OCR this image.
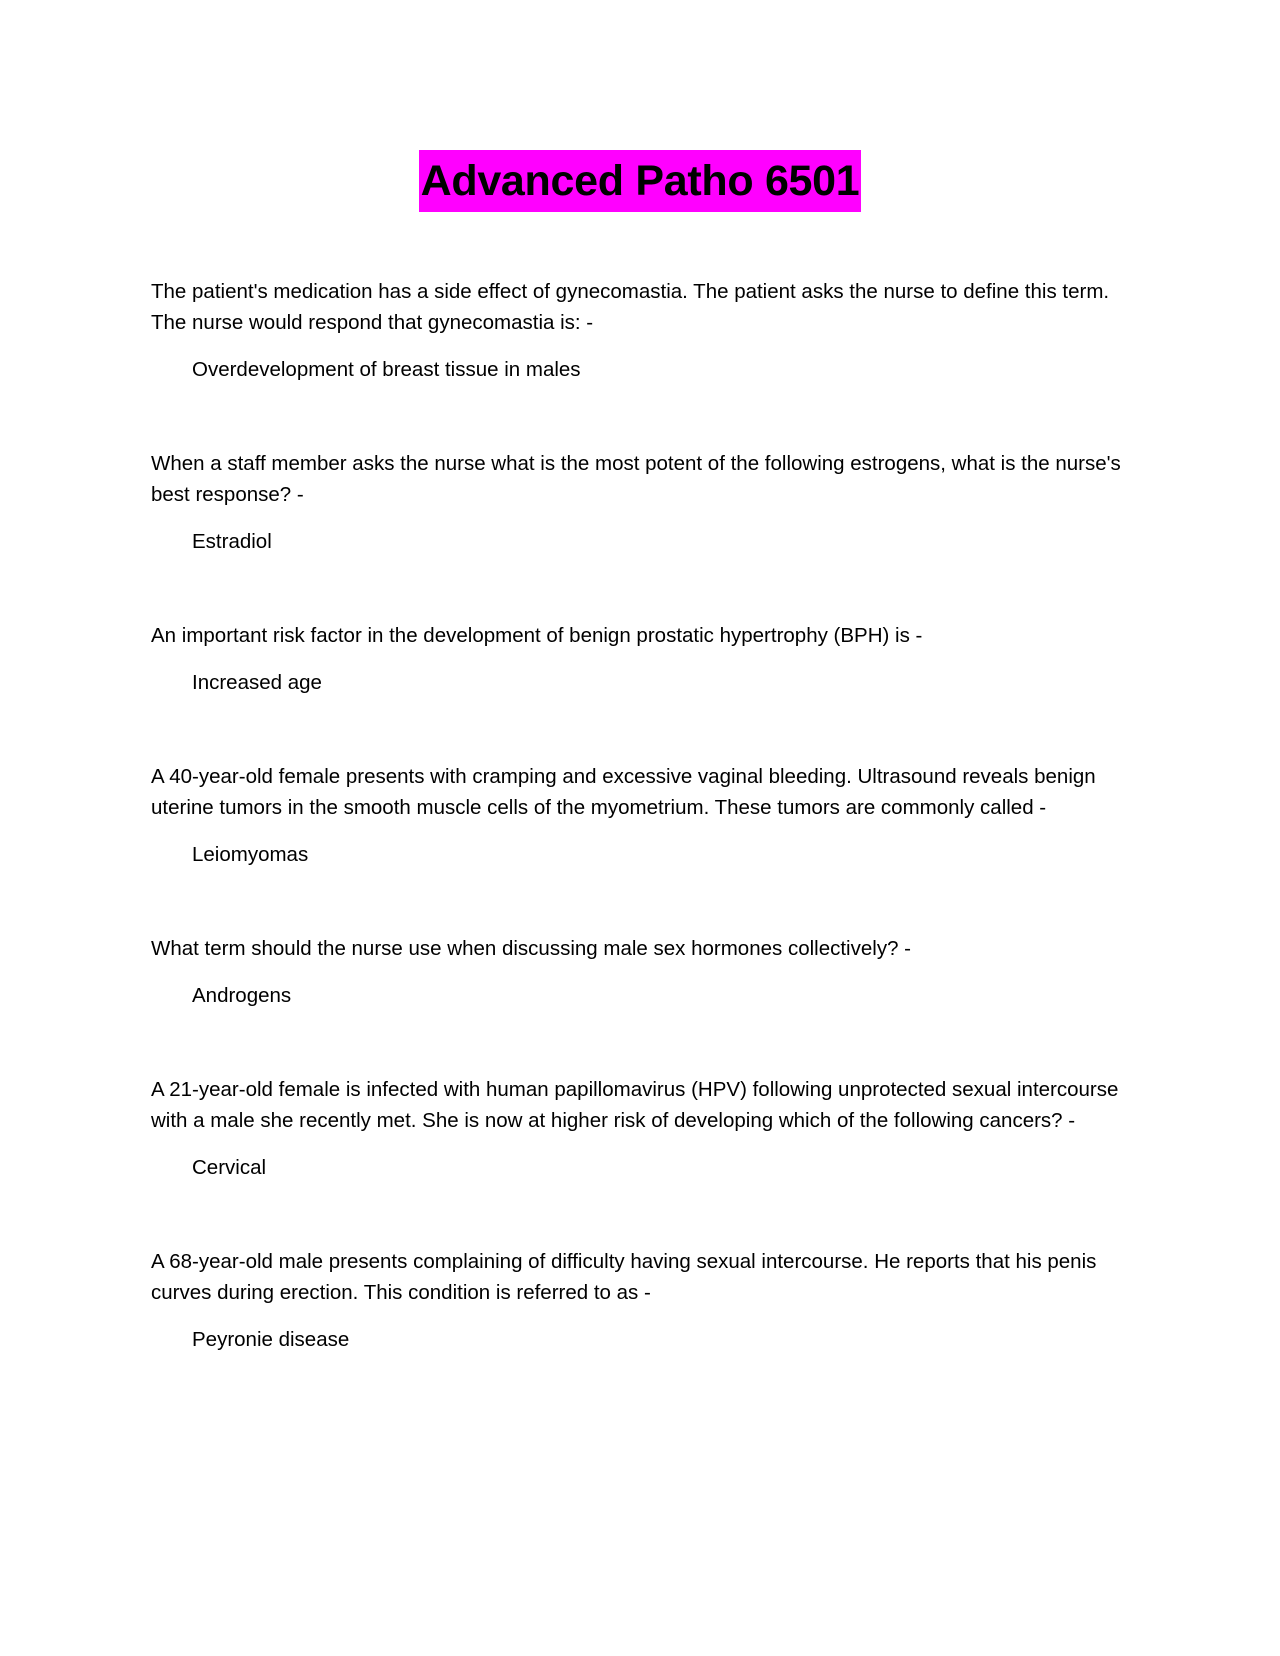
Advanced Patho 6501

The patient's medication has a side effect of gynecomastia. The patient asks the nurse to define this term. The nurse would respond that gynecomastia is: -

Overdevelopment of breast tissue in males

When a staff member asks the nurse what is the most potent of the following estrogens, what is the nurse's best response? -

Estradiol

An important risk factor in the development of benign prostatic hypertrophy (BPH) is -

Increased age

A 40-year-old female presents with cramping and excessive vaginal bleeding. Ultrasound reveals benign uterine tumors in the smooth muscle cells of the myometrium. These tumors are commonly called -

Leiomyomas

What term should the nurse use when discussing male sex hormones collectively? -

Androgens

A 21-year-old female is infected with human papillomavirus (HPV) following unprotected sexual intercourse with a male she recently met. She is now at higher risk of developing which of the following cancers? -

Cervical

A 68-year-old male presents complaining of difficulty having sexual intercourse. He reports that his penis curves during erection. This condition is referred to as -

Peyronie disease
